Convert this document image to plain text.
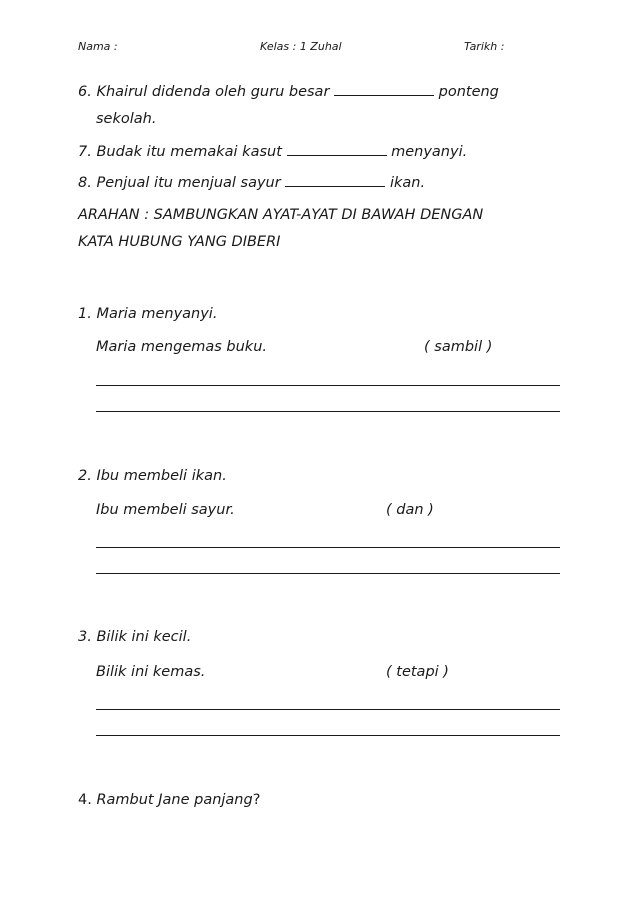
Nama :	Kelas : 1 Zuhal	Tarikh :
6. Khairul didenda oleh guru besar	ponteng
sekolah.
7. Budak itu memakai kasut	menyanyi.
8. Penjual itu menjual sayur	ikan.
ARAHAN : SAMBUNGKAN AYAT-AYAT DI BAWAH DENGAN
KATA HUBUNG YANG DIBERI
1. Maria menyanyi.
Maria mengemas buku.	( sambil )
2. Ibu membeli ikan.
Ibu membeli sayur.	( dan )
3. Bilik ini kecil.
Bilik ini kemas.	( tetapi )
4. Rambut Jane panjang?
